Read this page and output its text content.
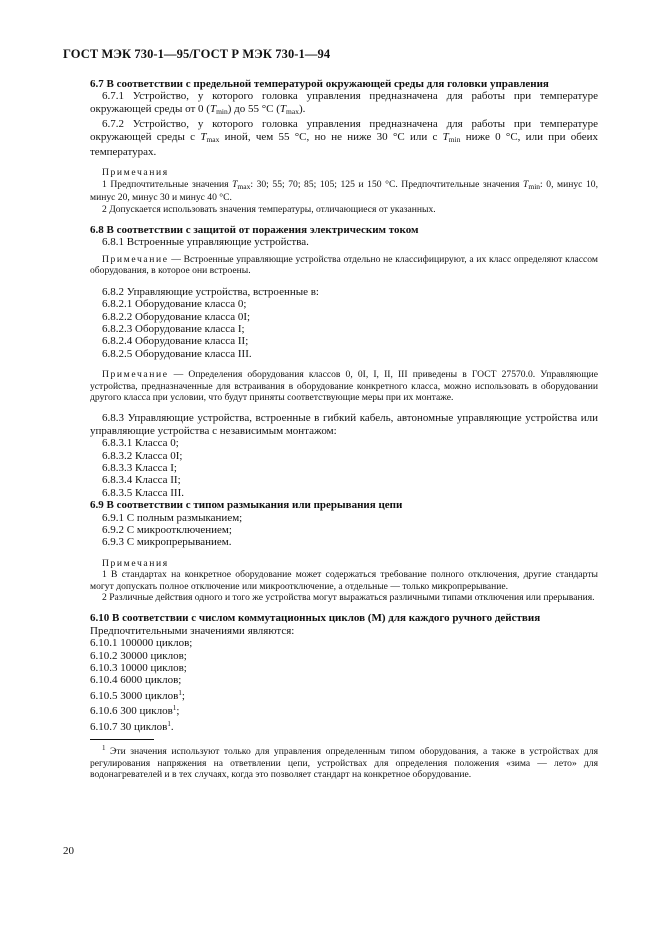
ГОСТ МЭК 730-1—95/ГОСТ Р МЭК 730-1—94

6.7 В соответствии с предельной температурой окружающей среды для головки управления

6.7.1 Устройство, у которого головка управления предназначена для работы при температуре окружающей среды от 0 $(T_{min})$ до 55 °С $(T_{max})$.

6.7.2 Устройство, у которого головка управления предназначена для работы при температуре окружающей среды с $T_{max}$ иной, чем 55 °С, но не ниже 30 °С или с $T_{min}$ ниже 0 °С, или при обеих температурах.

Примечания

1 Предпочтительные значения $T_{max}$: 30; 55; 70; 85; 105; 125 и 150 °С. Предпочтительные значения $T_{min}$: 0, минус 10, минус 20, минус 30 и минус 40 °С.

2 Допускается использовать значения температуры, отличающиеся от указанных.

6.8 В соответствии с защитой от поражения электрическим током

6.8.1 Встроенные управляющие устройства.

Примечание — Встроенные управляющие устройства отдельно не классифицируют, а их класс определяют классом оборудования, в которое они встроены.

6.8.2 Управляющие устройства, встроенные в:

6.8.2.1 Оборудование класса 0;

6.8.2.2 Оборудование класса 0I;

6.8.2.3 Оборудование класса I;

6.8.2.4 Оборудование класса II;

6.8.2.5 Оборудование класса III.

Примечание — Определения оборудования классов 0, 0I, I, II, III приведены в ГОСТ 27570.0. Управляющие устройства, предназначенные для встраивания в оборудование конкретного класса, можно использовать в оборудовании другого класса при условии, что будут приняты соответствующие меры при их монтаже.

6.8.3 Управляющие устройства, встроенные в гибкий кабель, автономные управляющие устройства или управляющие устройства с независимым монтажом:

6.8.3.1 Класса 0;

6.8.3.2 Класса 0I;

6.8.3.3 Класса I;

6.8.3.4 Класса II;

6.8.3.5 Класса III.

6.9 В соответствии с типом размыкания или прерывания цепи

6.9.1 С полным размыканием;

6.9.2 С микроотключением;

6.9.3 С микропрерыванием.

Примечания

1 В стандартах на конкретное оборудование может содержаться требование полного отключения, другие стандарты могут допускать полное отключение или микроотключение, а отдельные — только микропрерывание.

2 Различные действия одного и того же устройства могут выражаться различными типами отключения или прерывания.

6.10 В соответствии с числом коммутационных циклов (М) для каждого ручного действия

Предпочтительными значениями являются:

6.10.1 100000 циклов;

6.10.2 30000 циклов;

6.10.3 10000 циклов;

6.10.4 6000 циклов;

6.10.5 3000 циклов$^1$;

6.10.6 300 циклов$^1$;

6.10.7 30 циклов$^1$.

$^1$ Эти значения используют только для управления определенным типом оборудования, а также в устройствах для регулирования напряжения на ответвлении цепи, устройствах для определения положения «зима — лето» для водонагревателей и в тех случаях, когда это позволяет стандарт на конкретное оборудование.

20
